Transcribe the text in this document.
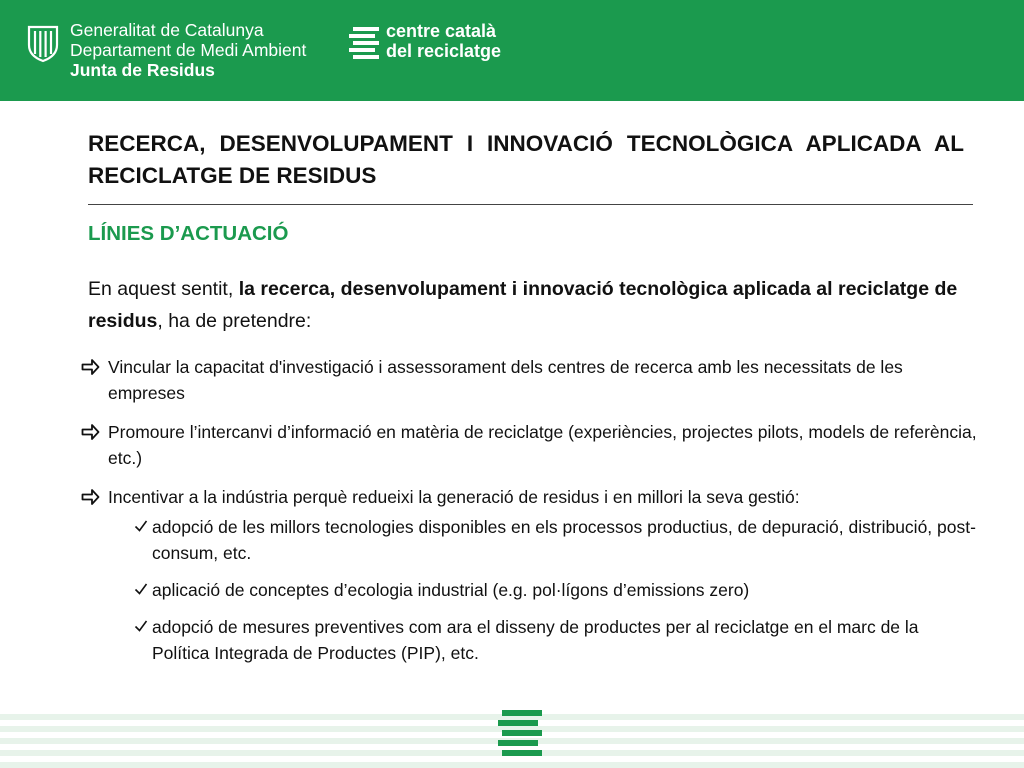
Generalitat de Catalunya
Departament de Medi Ambient
Junta de Residus
centre català
del reciclatge
RECERCA, DESENVOLUPAMENT I INNOVACIÓ TECNOLÒGICA APLICADA AL RECICLATGE DE RESIDUS
LÍNIES D’ACTUACIÓ

En aquest sentit, la recerca, desenvolupament i innovació tecnològica aplicada al reciclatge de residus, ha de pretendre:

Vincular la capacitat d'investigació i assessorament dels centres de recerca amb les necessitats de les empreses
Promoure l’intercanvi d’informació en matèria de reciclatge (experiències, projectes pilots, models de referència, etc.)
Incentivar a la indústria perquè redueixi la generació de residus i en millori la seva gestió:
adopció de les millors tecnologies disponibles en els processos productius, de depuració, distribució, post-consum, etc.
aplicació de conceptes d’ecologia industrial (e.g. pol·lígons d’emissions zero)
adopció de mesures preventives com ara el disseny de productes per al reciclatge en el marc de la Política Integrada de Productes (PIP), etc.
